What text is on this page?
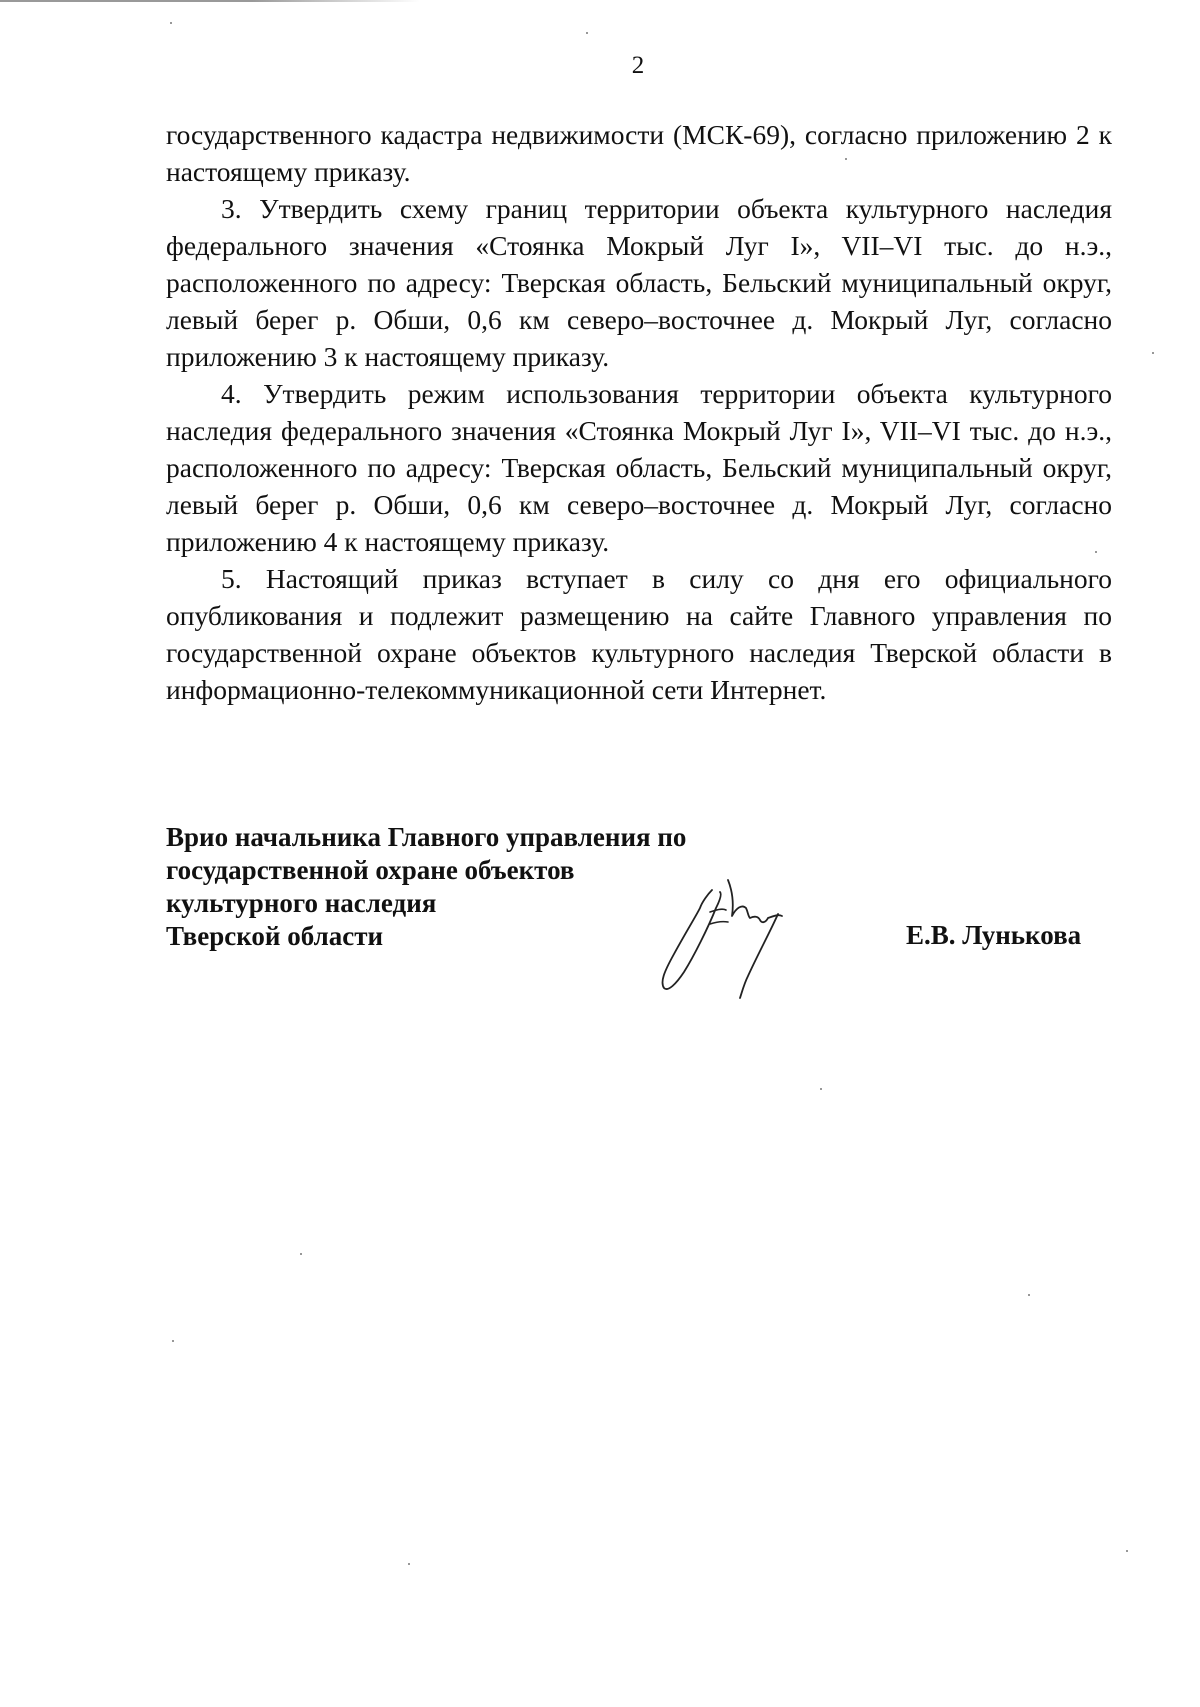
2

государственного кадастра недвижимости (МСК-69), согласно приложению 2 к настоящему приказу.

3. Утвердить схему границ территории объекта культурного наследия федерального значения «Стоянка Мокрый Луг I», VII–VI тыс. до н.э., расположенного по адресу: Тверская область, Бельский муниципальный округ, левый берег р. Обши, 0,6 км северо–восточнее д. Мокрый Луг, согласно приложению 3 к настоящему приказу.

4. Утвердить режим использования территории объекта культурного наследия федерального значения «Стоянка Мокрый Луг I», VII–VI тыс. до н.э., расположенного по адресу: Тверская область, Бельский муниципальный округ, левый берег р. Обши, 0,6 км северо–восточнее д. Мокрый Луг, согласно приложению 4 к настоящему приказу.

5. Настоящий приказ вступает в силу со дня его официального опубликования и подлежит размещению на сайте Главного управления по государственной охране объектов культурного наследия Тверской области в информационно-телекоммуникационной сети Интернет.

Врио начальника Главного управления по
государственной охране объектов
культурного наследия
Тверской области	Е.В. Лунькова
